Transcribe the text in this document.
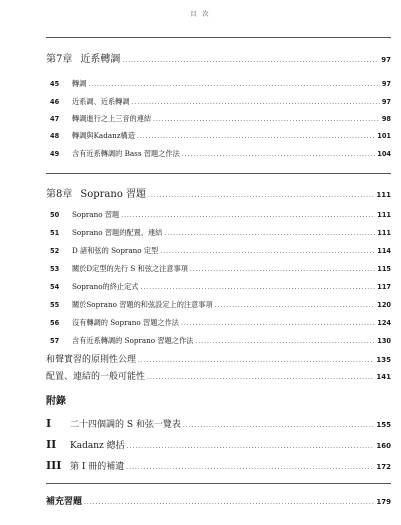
目 次
第7章 近系轉調 .....	97
45	轉調 .....	97
46	近系調、近系轉調 .....	97
47	轉調進行之上三音的連結 .....	98
48	轉調與Kadanz構造 .....	101
49	含有近系轉調的 Bass 習題之作法 .....	104
第8章 Soprano 習題 .....	111
50	Soprano 習題 .....	111
51	Soprano 習題的配置、連結 .....	111
52	D 諸和弦的 Soprano 定型 .....	114
53	關於D定型的先行 S 和弦之注意事項 .....	115
54	Soprano的終止定式 .....	117
55	關於Soprano 習題的和弦設定上的注意事項 .....	120
56	沒有轉調的 Soprano 習題之作法 .....	124
57	含有近系轉調的 Soprano 習題之作法 .....	130
和聲實習的原則性公理 .....	135
配置、連結的一般可能性 .....	141
附錄
I	二十四個調的 S 和弦一覽表 .....	155
II	Kadanz 總括 .....	160
III 第 I 冊的補遺 .....	172
補充習題 .....	179
